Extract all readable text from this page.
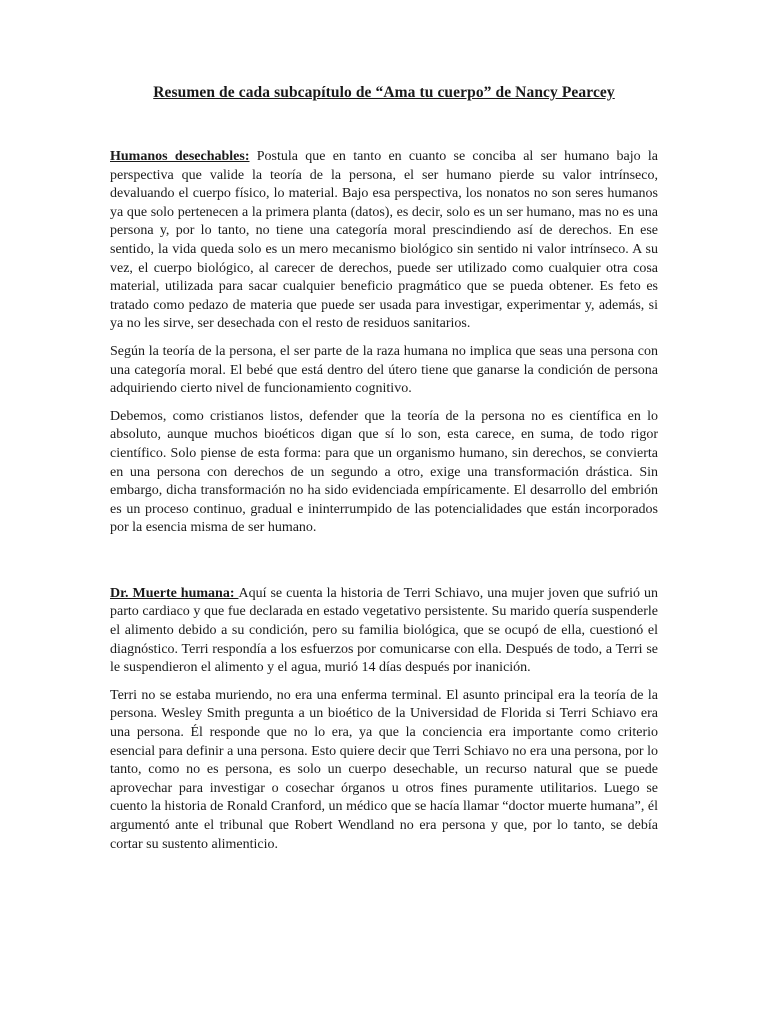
Resumen de cada subcapítulo de “Ama tu cuerpo” de Nancy Pearcey

Humanos desechables: Postula que en tanto en cuanto se conciba al ser humano bajo la perspectiva que valide la teoría de la persona, el ser humano pierde su valor intrínseco, devaluando el cuerpo físico, lo material. Bajo esa perspectiva, los nonatos no son seres humanos ya que solo pertenecen a la primera planta (datos), es decir, solo es un ser humano, mas no es una persona y, por lo tanto, no tiene una categoría moral prescindiendo así de derechos. En ese sentido, la vida queda solo es un mero mecanismo biológico sin sentido ni valor intrínseco. A su vez, el cuerpo biológico, al carecer de derechos, puede ser utilizado como cualquier otra cosa material, utilizada para sacar cualquier beneficio pragmático que se pueda obtener. Es feto es tratado como pedazo de materia que puede ser usada para investigar, experimentar y, además, si ya no les sirve, ser desechada con el resto de residuos sanitarios.

Según la teoría de la persona, el ser parte de la raza humana no implica que seas una persona con una categoría moral. El bebé que está dentro del útero tiene que ganarse la condición de persona adquiriendo cierto nivel de funcionamiento cognitivo.

Debemos, como cristianos listos, defender que la teoría de la persona no es científica en lo absoluto, aunque muchos bioéticos digan que sí lo son, esta carece, en suma, de todo rigor científico. Solo piense de esta forma: para que un organismo humano, sin derechos, se convierta en una persona con derechos de un segundo a otro, exige una transformación drástica. Sin embargo, dicha transformación no ha sido evidenciada empíricamente. El desarrollo del embrión es un proceso continuo, gradual e ininterrumpido de las potencialidades que están incorporados por la esencia misma de ser humano.

Dr. Muerte humana: Aquí se cuenta la historia de Terri Schiavo, una mujer joven que sufrió un parto cardiaco y que fue declarada en estado vegetativo persistente. Su marido quería suspenderle el alimento debido a su condición, pero su familia biológica, que se ocupó de ella, cuestionó el diagnóstico. Terri respondía a los esfuerzos por comunicarse con ella. Después de todo, a Terri se le suspendieron el alimento y el agua, murió 14 días después por inanición.

Terri no se estaba muriendo, no era una enferma terminal. El asunto principal era la teoría de la persona. Wesley Smith pregunta a un bioético de la Universidad de Florida si Terri Schiavo era una persona. Él responde que no lo era, ya que la conciencia era importante como criterio esencial para definir a una persona. Esto quiere decir que Terri Schiavo no era una persona, por lo tanto, como no es persona, es solo un cuerpo desechable, un recurso natural que se puede aprovechar para investigar o cosechar órganos u otros fines puramente utilitarios. Luego se cuento la historia de Ronald Cranford, un médico que se hacía llamar “doctor muerte humana”, él argumentó ante el tribunal que Robert Wendland no era persona y que, por lo tanto, se debía cortar su sustento alimenticio.
